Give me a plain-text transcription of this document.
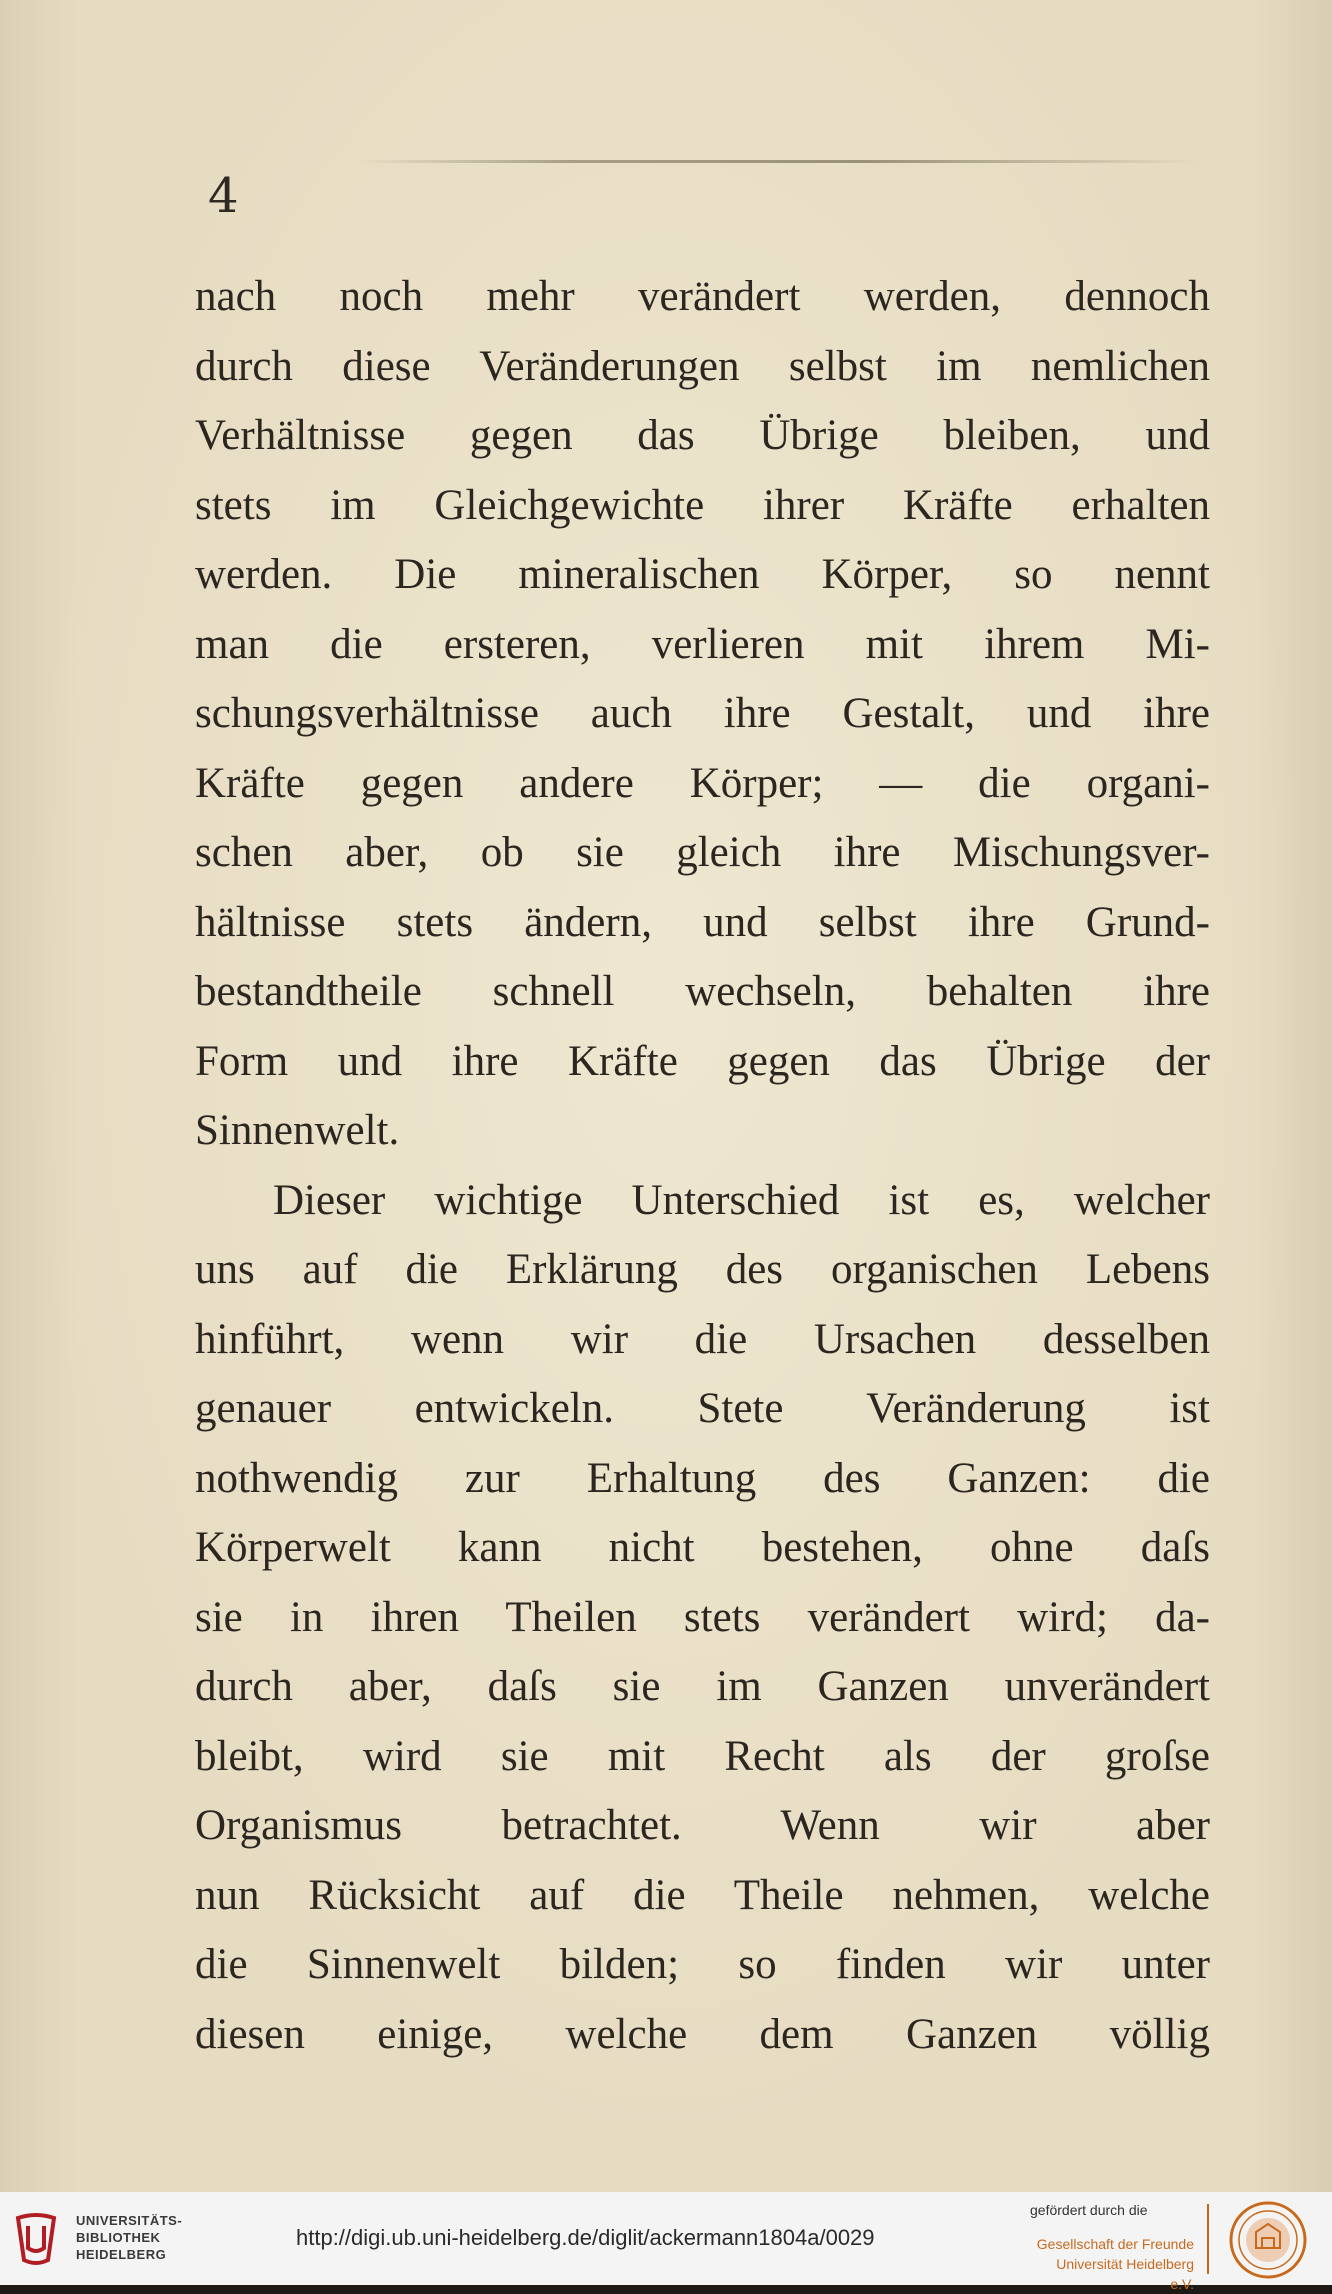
4
nach noch mehr verändert werden, dennoch
durch diese Veränderungen selbst im nemlichen
Verhältnisse gegen das Übrige bleiben, und
stets im Gleichgewichte ihrer Kräfte erhalten
werden. Die mineralischen Körper, so nennt
man die ersteren, verlieren mit ihrem Mi-
schungsverhältnisse auch ihre Gestalt, und ihre
Kräfte gegen andere Körper; — die organi-
schen aber, ob sie gleich ihre Mischungsver-
hältnisse stets ändern, und selbst ihre Grund-
bestandtheile schnell wechseln, behalten ihre
Form und ihre Kräfte gegen das Übrige der
Sinnenwelt.
Dieser wichtige Unterschied ist es, welcher
uns auf die Erklärung des organischen Lebens
hinführt, wenn wir die Ursachen desselben
genauer entwickeln. Stete Veränderung ist
nothwendig zur Erhaltung des Ganzen: die
Körperwelt kann nicht bestehen, ohne daſs
sie in ihren Theilen stets verändert wird; da-
durch aber, daſs sie im Ganzen unverändert
bleibt, wird sie mit Recht als der groſse
Organismus betrachtet. Wenn wir aber
nun Rücksicht auf die Theile nehmen, welche
die Sinnenwelt bilden; so finden wir unter
diesen einige, welche dem Ganzen völlig
UNIVERSITÄTS-
BIBLIOTHEK
HEIDELBERG
http://digi.ub.uni-heidelberg.de/diglit/ackermann1804a/0029
gefördert durch die
Gesellschaft der Freunde
Universität Heidelberg e.V.
